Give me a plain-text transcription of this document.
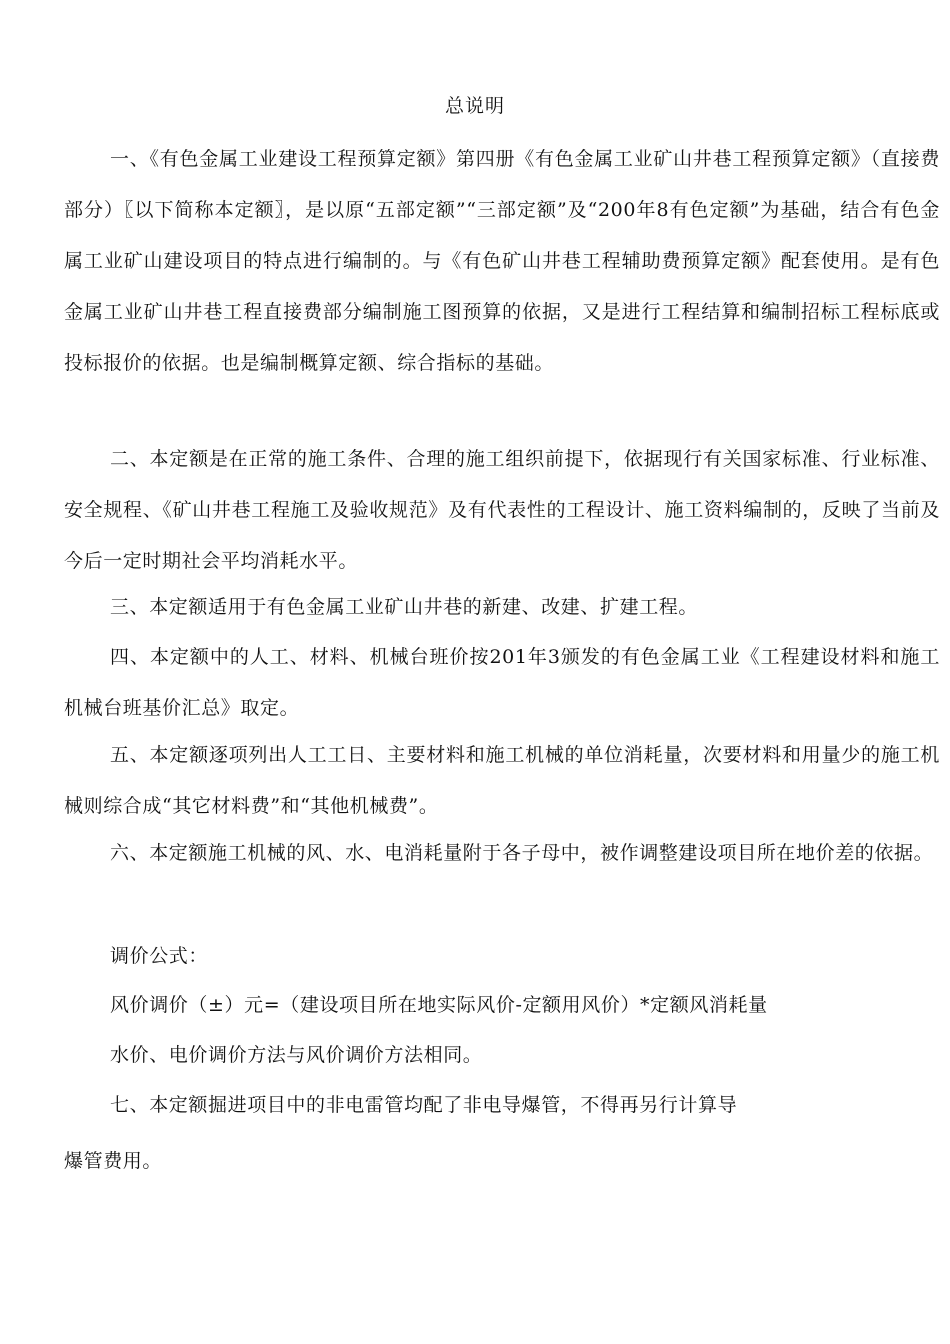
总说明
一、《有色金属工业建设工程预算定额》第四册《有色金属工业矿山井巷工程预算定额》（直接费部分）〖以下简称本定额〗，是以原“五部定额”“三部定额”及“200年8有色定额”为基础，结合有色金属工业矿山建设项目的特点进行编制的。与《有色矿山井巷工程辅助费预算定额》配套使用。是有色金属工业矿山井巷工程直接费部分编制施工图预算的依据，又是进行工程结算和编制招标工程标底或投标报价的依据。也是编制概算定额、综合指标的基础。
二、本定额是在正常的施工条件、合理的施工组织前提下，依据现行有关国家标准、行业标准、安全规程、《矿山井巷工程施工及验收规范》及有代表性的工程设计、施工资料编制的，反映了当前及今后一定时期社会平均消耗水平。
三、本定额适用于有色金属工业矿山井巷的新建、改建、扩建工程。
四、本定额中的人工、材料、机械台班价按201年3颁发的有色金属工业《工程建设材料和施工机械台班基价汇总》取定。
五、本定额逐项列出人工工日、主要材料和施工机械的单位消耗量，次要材料和用量少的施工机械则综合成“其它材料费”和“其他机械费”。
六、本定额施工机械的风、水、电消耗量附于各子母中，被作调整建设项目所在地价差的依据。
调价公式：
风价调价（±）元=（建设项目所在地实际风价-定额用风价）*定额风消耗量
水价、电价调价方法与风价调价方法相同。
七、本定额掘进项目中的非电雷管均配了非电导爆管，不得再另行计算导
爆管费用。
